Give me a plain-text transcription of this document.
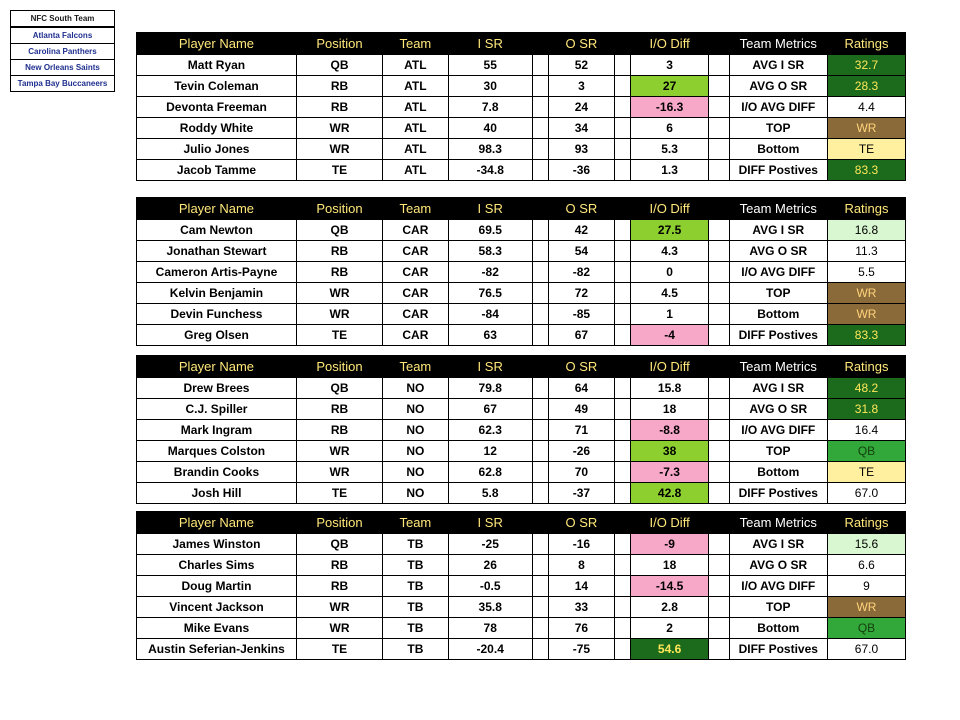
NFC South Team
Atlanta Falcons
Carolina Panthers
New Orleans Saints
Tampa Bay Buccaneers
Player Name	Position	Team	I SR		O SR		I/O Diff		Team Metrics	Ratings
Matt Ryan	QB	ATL	55		52		3		AVG I SR	32.7
Tevin Coleman	RB	ATL	30		3		27		AVG O SR	28.3
Devonta Freeman	RB	ATL	7.8		24		-16.3		I/O AVG DIFF	4.4
Roddy White	WR	ATL	40		34		6		TOP	WR
Julio Jones	WR	ATL	98.3		93		5.3		Bottom	TE
Jacob Tamme	TE	ATL	-34.8		-36		1.3		DIFF Postives	83.3
Player Name	Position	Team	I SR		O SR		I/O Diff		Team Metrics	Ratings
Cam Newton	QB	CAR	69.5		42		27.5		AVG I SR	16.8
Jonathan Stewart	RB	CAR	58.3		54		4.3		AVG O SR	11.3
Cameron Artis-Payne	RB	CAR	-82		-82		0		I/O AVG DIFF	5.5
Kelvin Benjamin	WR	CAR	76.5		72		4.5		TOP	WR
Devin Funchess	WR	CAR	-84		-85		1		Bottom	WR
Greg Olsen	TE	CAR	63		67		-4		DIFF Postives	83.3
Player Name	Position	Team	I SR		O SR		I/O Diff		Team Metrics	Ratings
Drew Brees	QB	NO	79.8		64		15.8		AVG I SR	48.2
C.J. Spiller	RB	NO	67		49		18		AVG O SR	31.8
Mark Ingram	RB	NO	62.3		71		-8.8		I/O AVG DIFF	16.4
Marques Colston	WR	NO	12		-26		38		TOP	QB
Brandin Cooks	WR	NO	62.8		70		-7.3		Bottom	TE
Josh Hill	TE	NO	5.8		-37		42.8		DIFF Postives	67.0
Player Name	Position	Team	I SR		O SR		I/O Diff		Team Metrics	Ratings
James Winston	QB	TB	-25		-16		-9		AVG I SR	15.6
Charles Sims	RB	TB	26		8		18		AVG O SR	6.6
Doug Martin	RB	TB	-0.5		14		-14.5		I/O AVG DIFF	9
Vincent Jackson	WR	TB	35.8		33		2.8		TOP	WR
Mike Evans	WR	TB	78		76		2		Bottom	QB
Austin Seferian-Jenkins	TE	TB	-20.4		-75		54.6		DIFF Postives	67.0
